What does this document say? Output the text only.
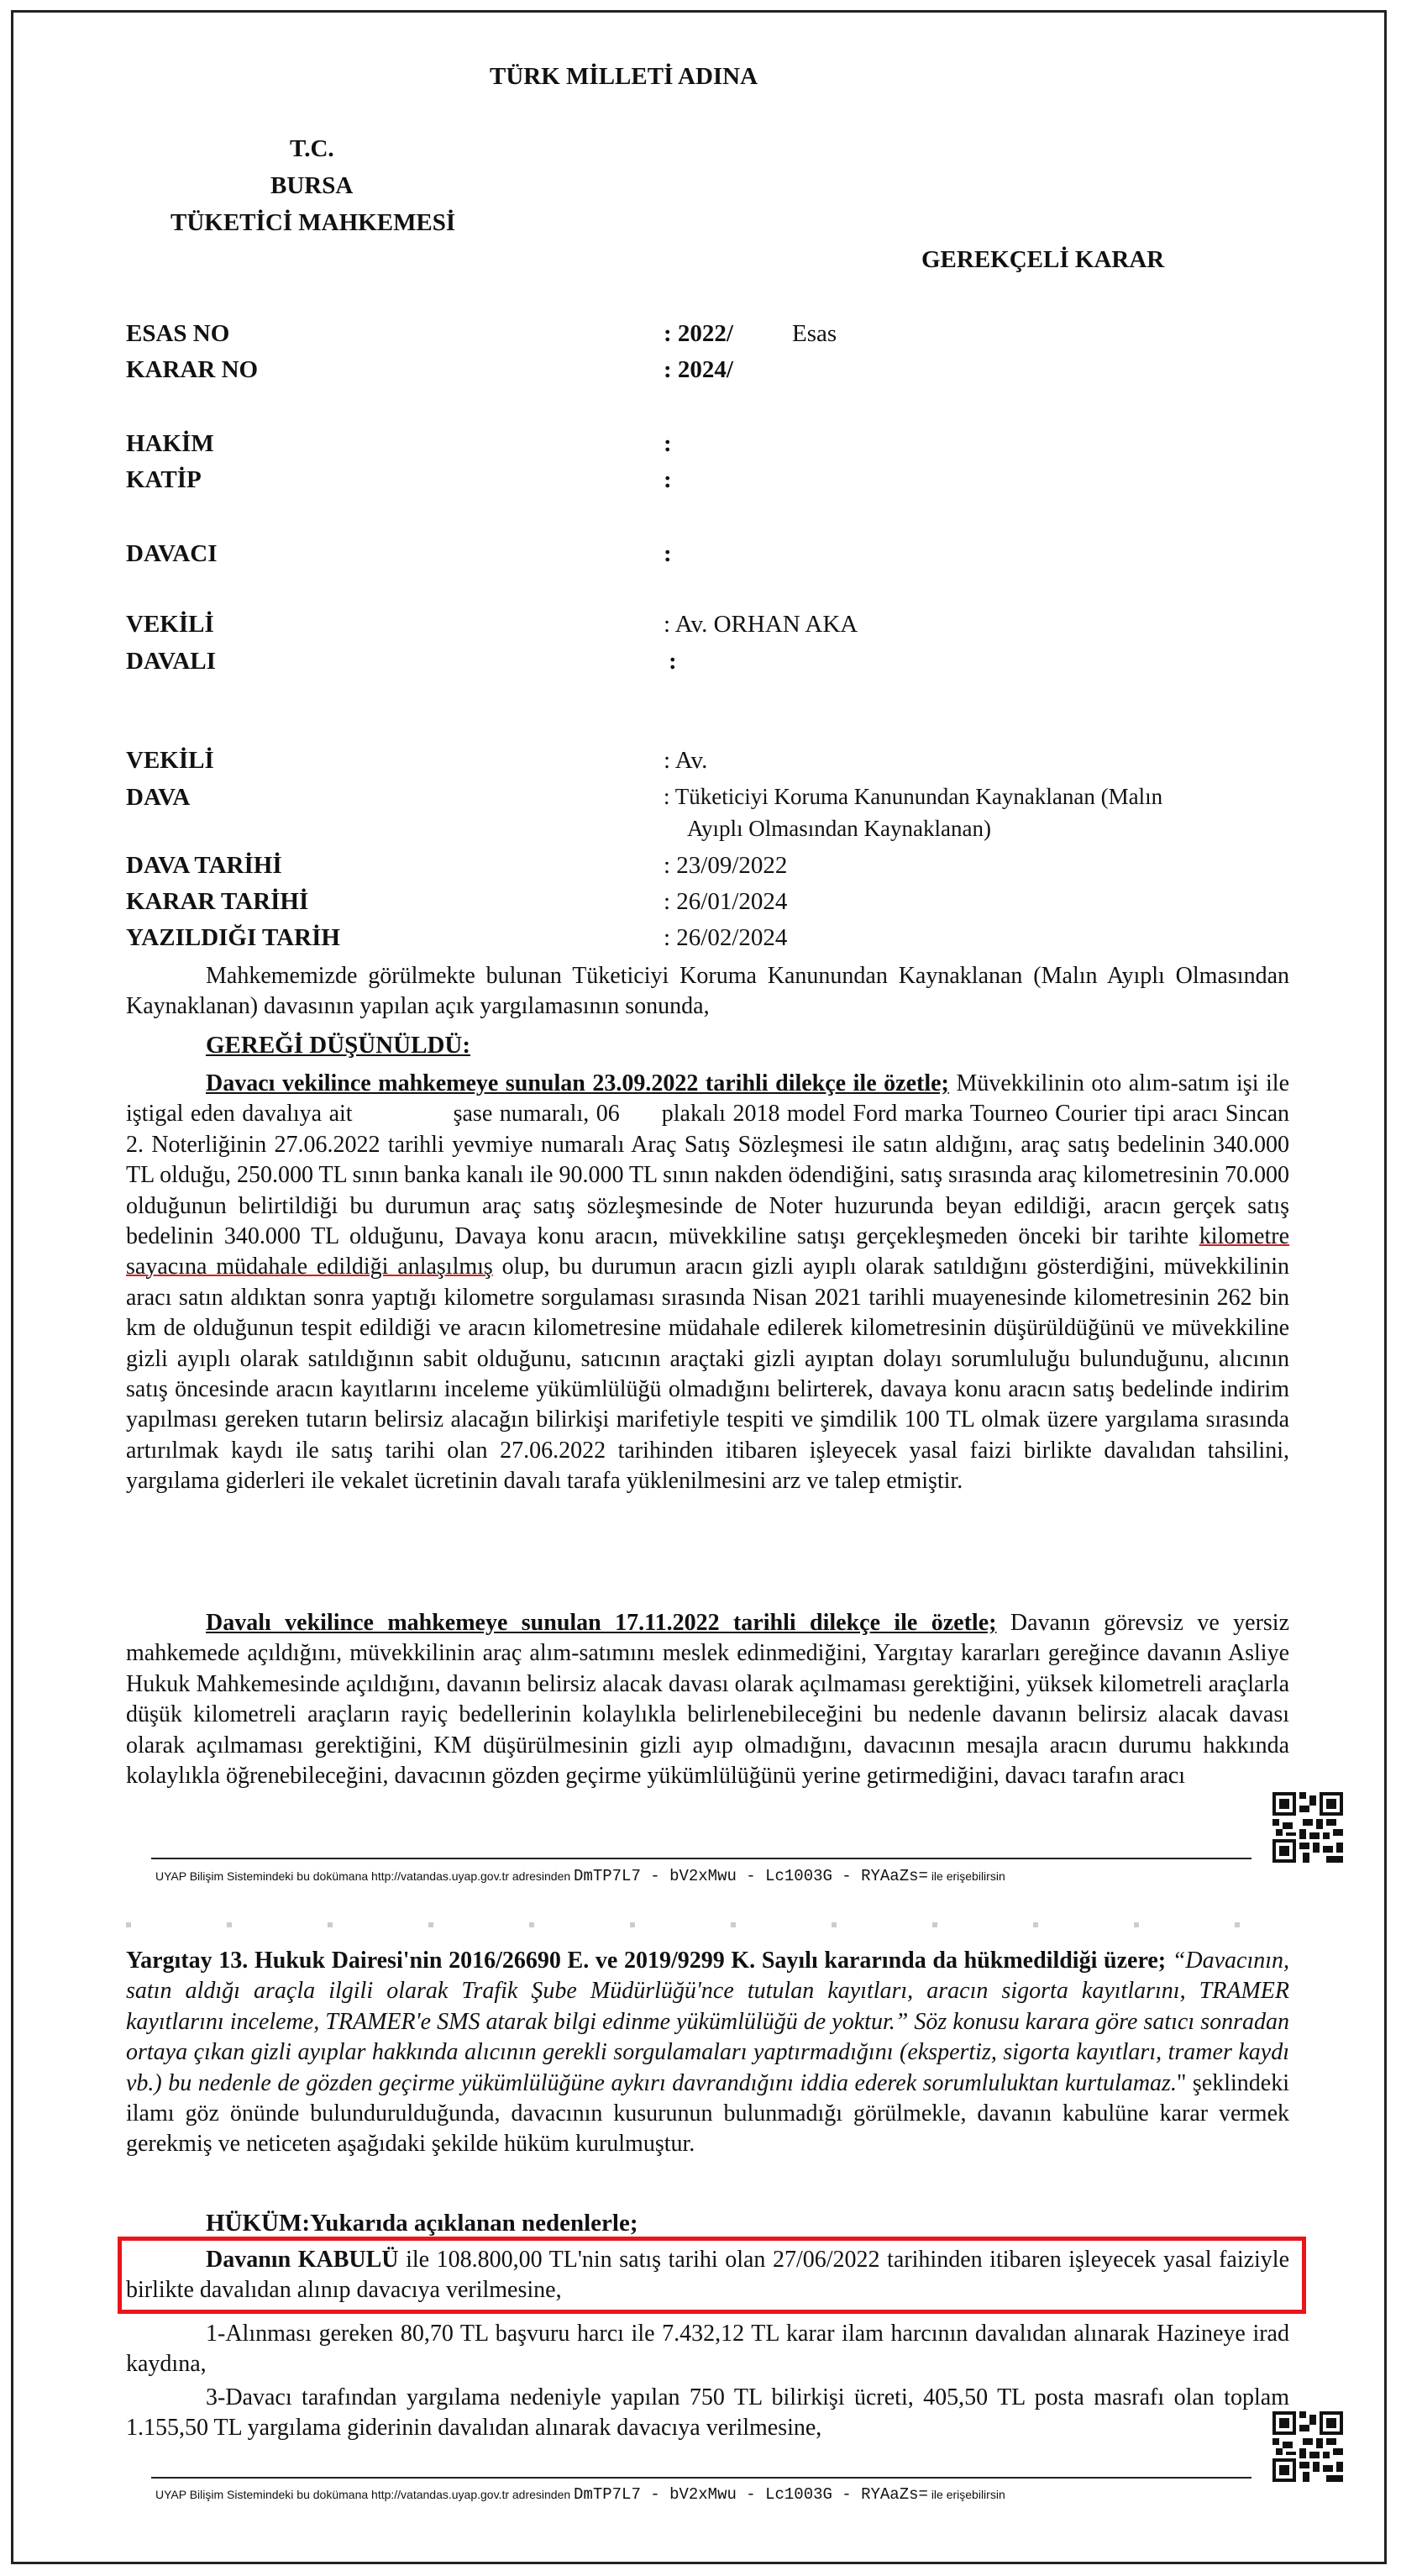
TÜRK MİLLETİ ADINA
T.C.
BURSA
TÜKETİCİ MAHKEMESİ
GEREKÇELİ KARAR
ESAS NO	: 2022/ Esas
KARAR NO	: 2024/
HAKİM	:
KATİP	:
DAVACI	:
VEKİLİ	: Av. ORHAN AKA
DAVALI	:
VEKİLİ	: Av.
DAVA	: Tüketiciyi Koruma Kanunundan Kaynaklanan (Malın
Ayıplı Olmasından Kaynaklanan)
DAVA TARİHİ	: 23/09/2022
KARAR TARİHİ	: 26/01/2024
YAZILDIĞI TARİH	: 26/02/2024

Mahkememizde görülmekte bulunan Tüketiciyi Koruma Kanunundan Kaynaklanan (Malın Ayıplı Olmasından Kaynaklanan) davasının yapılan açık yargılamasının sonunda,

GEREĞİ DÜŞÜNÜLDÜ:

Davacı vekilince mahkemeye sunulan 23.09.2022 tarihli dilekçe ile özetle; Müvekkilinin oto alım-satım işi ile iştigal eden davalıya ait	şase numaralı, 06 plakalı 2018 model Ford marka Tourneo Courier tipi aracı Sincan 2. Noterliğinin 27.06.2022 tarihli yevmiye numaralı Araç Satış Sözleşmesi ile satın aldığını, araç satış bedelinin 340.000 TL olduğu, 250.000 TL sının banka kanalı ile 90.000 TL sının nakden ödendiğini, satış sırasında araç kilometresinin 70.000 olduğunun belirtildiği bu durumun araç satış sözleşmesinde de Noter huzurunda beyan edildiği, aracın gerçek satış bedelinin 340.000 TL olduğunu, Davaya konu aracın, müvekkiline satışı gerçekleşmeden önceki bir tarihte kilometre sayacına müdahale edildiği anlaşılmış olup, bu durumun aracın gizli ayıplı olarak satıldığını gösterdiğini, müvekkilinin aracı satın aldıktan sonra yaptığı kilometre sorgulaması sırasında Nisan 2021 tarihli muayenesinde kilometresinin 262 bin km de olduğunun tespit edildiği ve aracın kilometresine müdahale edilerek kilometresinin düşürüldüğünü ve müvekkiline gizli ayıplı olarak satıldığının sabit olduğunu, satıcının araçtaki gizli ayıptan dolayı sorumluluğu bulunduğunu, alıcının satış öncesinde aracın kayıtlarını inceleme yükümlülüğü olmadığını belirterek, davaya konu aracın satış bedelinde indirim yapılması gereken tutarın belirsiz alacağın bilirkişi marifetiyle tespiti ve şimdilik 100 TL olmak üzere yargılama sırasında artırılmak kaydı ile satış tarihi olan 27.06.2022 tarihinden itibaren işleyecek yasal faizi birlikte davalıdan tahsilini, yargılama giderleri ile vekalet ücretinin davalı tarafa yüklenilmesini arz ve talep etmiştir.

Davalı vekilince mahkemeye sunulan 17.11.2022 tarihli dilekçe ile özetle; Davanın görevsiz ve yersiz mahkemede açıldığını, müvekkilinin araç alım-satımını meslek edinmediğini, Yargıtay kararları gereğince davanın Asliye Hukuk Mahkemesinde açıldığını, davanın belirsiz alacak davası olarak açılmaması gerektiğini, yüksek kilometreli araçlarla düşük kilometreli araçların rayiç bedellerinin kolaylıkla belirlenebileceğini bu nedenle davanın belirsiz alacak davası olarak açılmaması gerektiğini, KM düşürülmesinin gizli ayıp olmadığını, davacının mesajla aracın durumu hakkında kolaylıkla öğrenebileceğini, davacının gözden geçirme yükümlülüğünü yerine getirmediğini, davacı tarafın aracı

UYAP Bilişim Sistemindeki bu dokümana http://vatandas.uyap.gov.tr adresinden DmTP7L7 - bV2xMwu - Lc1003G - RYAaZs= ile erişebilirsin

Yargıtay 13. Hukuk Dairesi'nin 2016/26690 E. ve 2019/9299 K. Sayılı kararında da hükmedildiği üzere; “Davacının, satın aldığı araçla ilgili olarak Trafik Şube Müdürlüğü'nce tutulan kayıtları, aracın sigorta kayıtlarını, TRAMER kayıtlarını inceleme, TRAMER'e SMS atarak bilgi edinme yükümlülüğü de yoktur.” Söz konusu karara göre satıcı sonradan ortaya çıkan gizli ayıplar hakkında alıcının gerekli sorgulamaları yaptırmadığını (ekspertiz, sigorta kayıtları, tramer kaydı vb.) bu nedenle de gözden geçirme yükümlülüğüne aykırı davrandığını iddia ederek sorumluluktan kurtulamaz." şeklindeki ilamı göz önünde bulundurulduğunda, davacının kusurunun bulunmadığı görülmekle, davanın kabulüne karar vermek gerekmiş ve neticeten aşağıdaki şekilde hüküm kurulmuştur.

HÜKÜM:Yukarıda açıklanan nedenlerle;

Davanın KABULÜ ile 108.800,00 TL'nin satış tarihi olan 27/06/2022 tarihinden itibaren işleyecek yasal faiziyle birlikte davalıdan alınıp davacıya verilmesine,

1-Alınması gereken 80,70 TL başvuru harcı ile 7.432,12 TL karar ilam harcının davalıdan alınarak Hazineye irad kaydına,

3-Davacı tarafından yargılama nedeniyle yapılan 750 TL bilirkişi ücreti, 405,50 TL posta masrafı olan toplam 1.155,50 TL yargılama giderinin davalıdan alınarak davacıya verilmesine,

UYAP Bilişim Sistemindeki bu dokümana http://vatandas.uyap.gov.tr adresinden DmTP7L7 - bV2xMwu - Lc1003G - RYAaZs= ile erişebilirsin
